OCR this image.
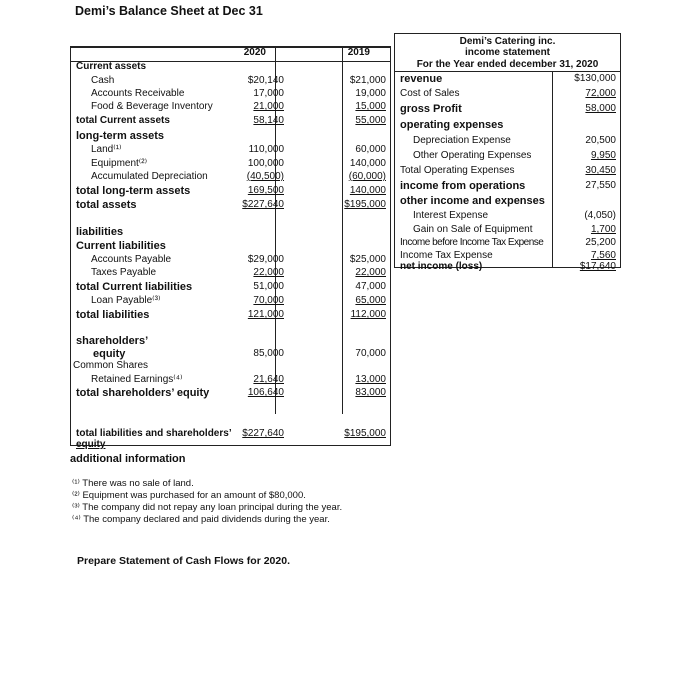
Demi’s Balance Sheet at Dec 31
2020	2019
Current assets
Cash	$20,140	$21,000
Accounts Receivable	17,000	19,000
Food & Beverage Inventory	21,000	15,000
total Current assets	58,140	55,000
long-term assets
Land⁽¹⁾	110,000	60,000
Equipment⁽²⁾	100,000	140,000
Accumulated Depreciation	(40,500)	(60,000)
total long-term assets	169,500	140,000
total assets	$227,640	$195,000
liabilities
Current liabilities
Accounts Payable	$29,000	$25,000
Taxes Payable	22,000	22,000
total Current liabilities	51,000	47,000
Loan Payable⁽³⁾	70,000	65,000
total liabilities	121,000	112,000
shareholders’
equity	85,000	70,000
Common Shares
Retained Earnings⁽⁴⁾	21,640	13,000
total shareholders’ equity	106,640	83,000
total liabilities and shareholders’ $227,640	$195,000
equity
Demi’s Catering inc.
income statement
For the Year ended december 31, 2020
revenue	$130,000
Cost of Sales	72,000
gross Profit	58,000
operating expenses
Depreciation Expense	20,500
Other Operating Expenses	9,950
Total Operating Expenses	30,450
income from operations	27,550
other income and expenses
Interest Expense	(4,050)
Gain on Sale of Equipment	1,700
Income before Income Tax Expense	25,200
Income Tax Expense	7,560
net income (loss)	$17,640
additional information
⁽¹⁾ There was no sale of land.
⁽²⁾ Equipment was purchased for an amount of $80,000.
⁽³⁾ The company did not repay any loan principal during the year.
⁽⁴⁾ The company declared and paid dividends during the year.
Prepare Statement of Cash Flows for 2020.
